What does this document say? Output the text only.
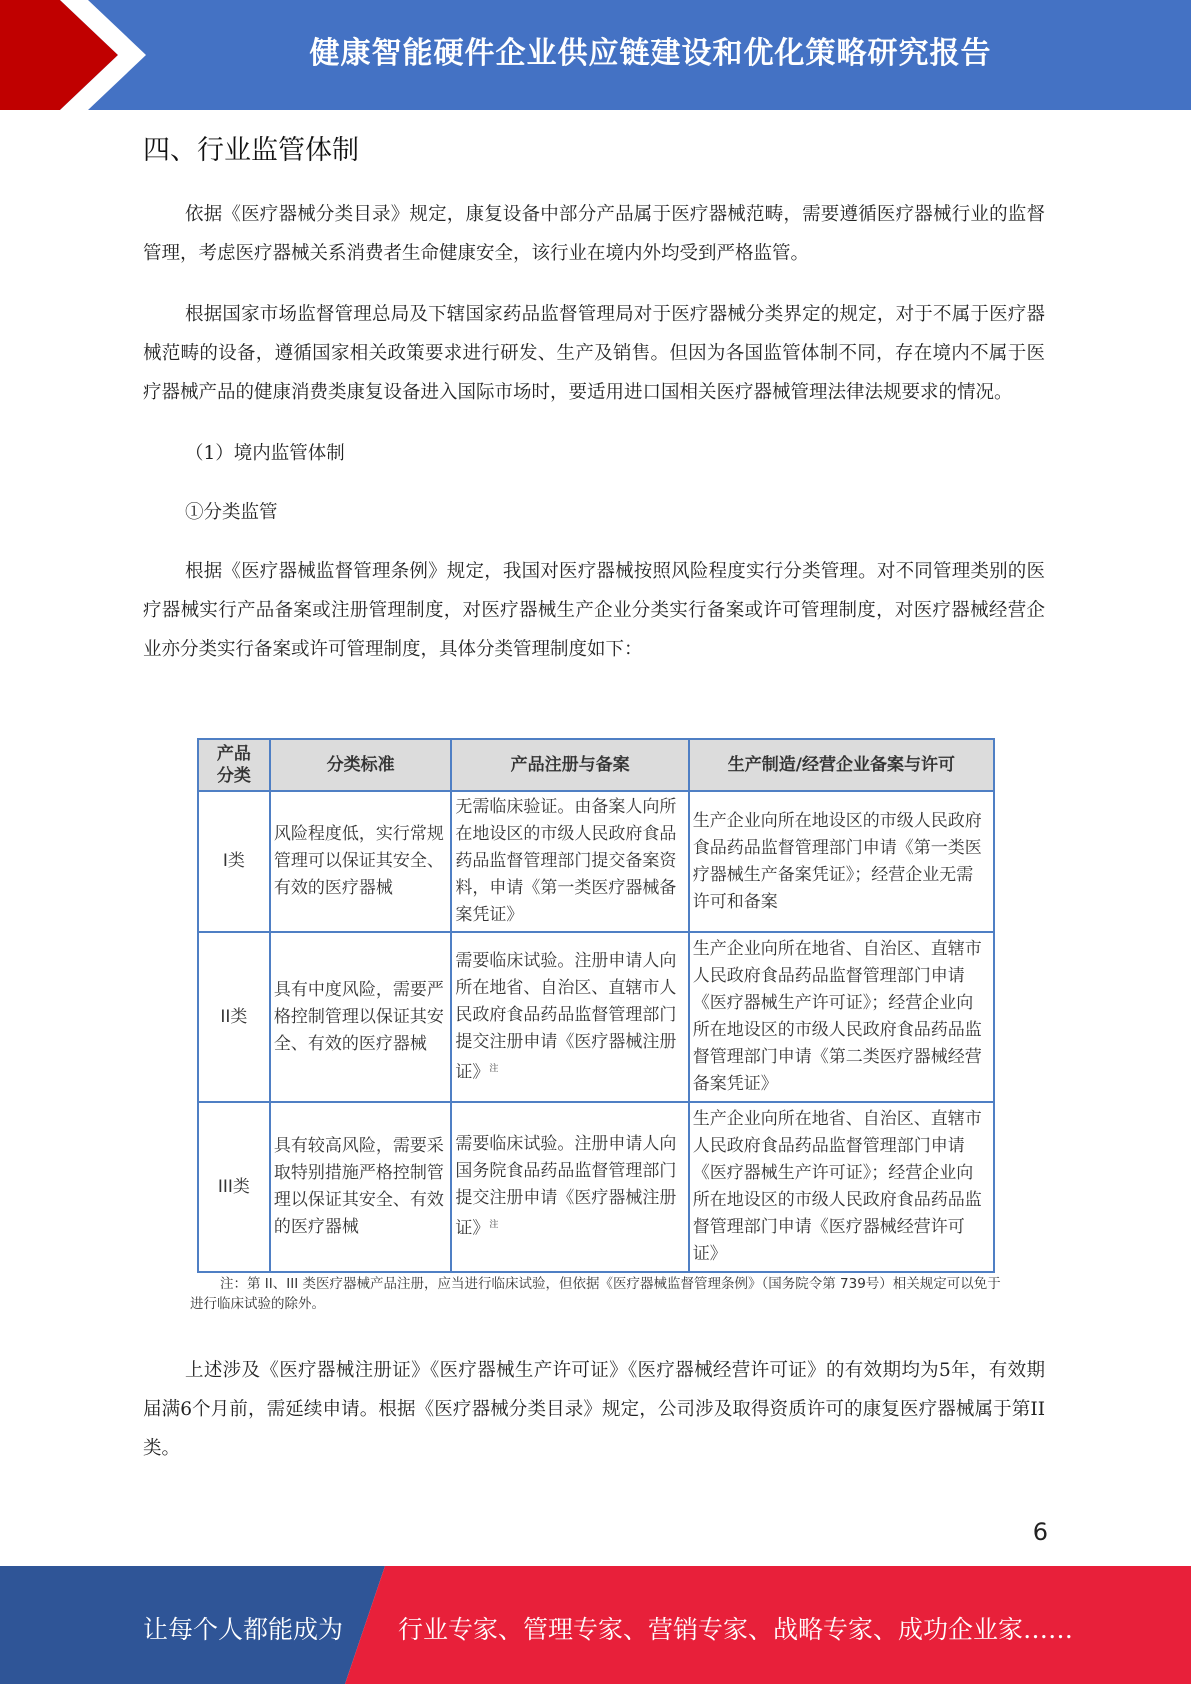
健康智能硬件企业供应链建设和优化策略研究报告
四、行业监管体制

依据《医疗器械分类目录》规定，康复设备中部分产品属于医疗器械范畴，需要遵循医疗器械行业的监督管理，考虑医疗器械关系消费者生命健康安全，该行业在境内外均受到严格监管。

根据国家市场监督管理总局及下辖国家药品监督管理局对于医疗器械分类界定的规定，对于不属于医疗器械范畴的设备，遵循国家相关政策要求进行研发、生产及销售。但因为各国监管体制不同，存在境内不属于医疗器械产品的健康消费类康复设备进入国际市场时，要适用进口国相关医疗器械管理法律法规要求的情况。

（1）境内监管体制

①分类监管

根据《医疗器械监督管理条例》规定，我国对医疗器械按照风险程度实行分类管理。对不同管理类别的医疗器械实行产品备案或注册管理制度，对医疗器械生产企业分类实行备案或许可管理制度，对医疗器械经营企业亦分类实行备案或许可管理制度，具体分类管理制度如下：

产品
分类	分类标准	产品注册与备案	生产制造/经营企业备案与许可
I类	风险程度低，实行常规管理可以保证其安全、有效的医疗器械	无需临床验证。由备案人向所在地设区的市级人民政府食品药品监督管理部门提交备案资料，申请《第一类医疗器械备案凭证》	生产企业向所在地设区的市级人民政府食品药品监督管理部门申请《第一类医疗器械生产备案凭证》；经营企业无需许可和备案
II类	具有中度风险，需要严格控制管理以保证其安全、有效的医疗器械	需要临床试验。注册申请人向所在地省、自治区、直辖市人民政府食品药品监督管理部门提交注册申请《医疗器械注册证》$^注$	生产企业向所在地省、自治区、直辖市人民政府食品药品监督管理部门申请《医疗器械生产许可证》；经营企业向所在地设区的市级人民政府食品药品监督管理部门申请《第二类医疗器械经营备案凭证》
III类	具有较高风险，需要采取特别措施严格控制管理以保证其安全、有效的医疗器械	需要临床试验。注册申请人向国务院食品药品监督管理部门提交注册申请《医疗器械注册证》$^注$	生产企业向所在地省、自治区、直辖市人民政府食品药品监督管理部门申请《医疗器械生产许可证》；经营企业向所在地设区的市级人民政府食品药品监督管理部门申请《医疗器械经营许可证》
注：第 II、III 类医疗器械产品注册，应当进行临床试验，但依据《医疗器械监督管理条例》（国务院令第 739号）相关规定可以免于进行临床试验的除外。

上述涉及《医疗器械注册证》《医疗器械生产许可证》《医疗器械经营许可证》的有效期均为5年，有效期届满6个月前，需延续申请。根据《医疗器械分类目录》规定，公司涉及取得资质许可的康复医疗器械属于第II类。

6
让每个人都能成为 行业专家、管理专家、营销专家、战略专家、成功企业家……
